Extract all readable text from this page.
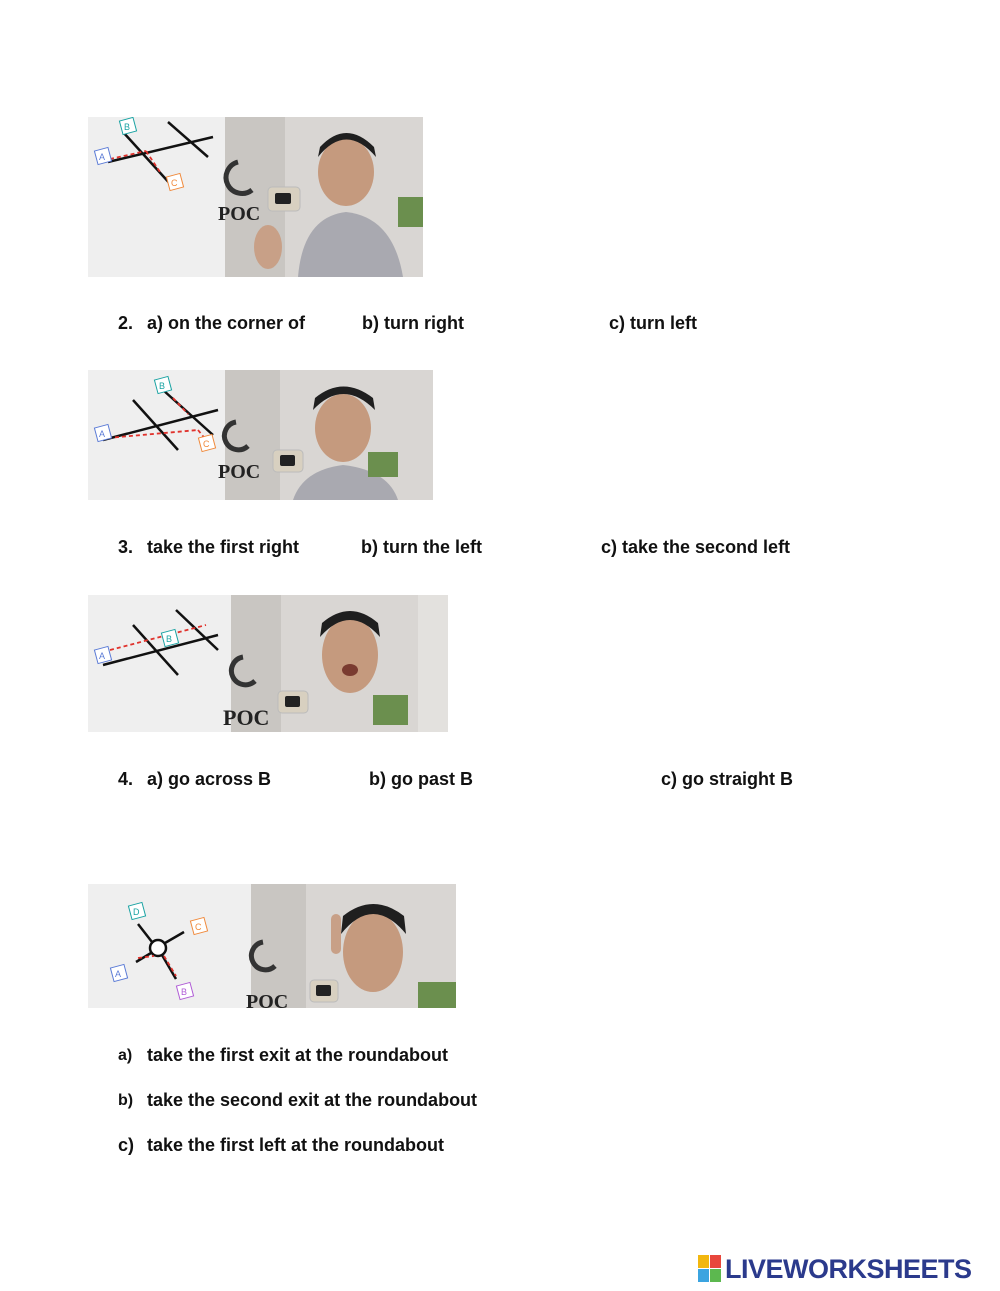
POC
A
B
C
2. a) on the corner of	b) turn right	c) turn left
POC
A
B
C
3. take the first right	b) turn the left	c) take the second left
POC
A
B
4. a) go across B	b) go past B	c) go straight B
POC
D
C
A
B
a) take the first exit at the roundabout
b) take the second exit at the roundabout
c) take the first left at the roundabout
LIVEWORKSHEETS
